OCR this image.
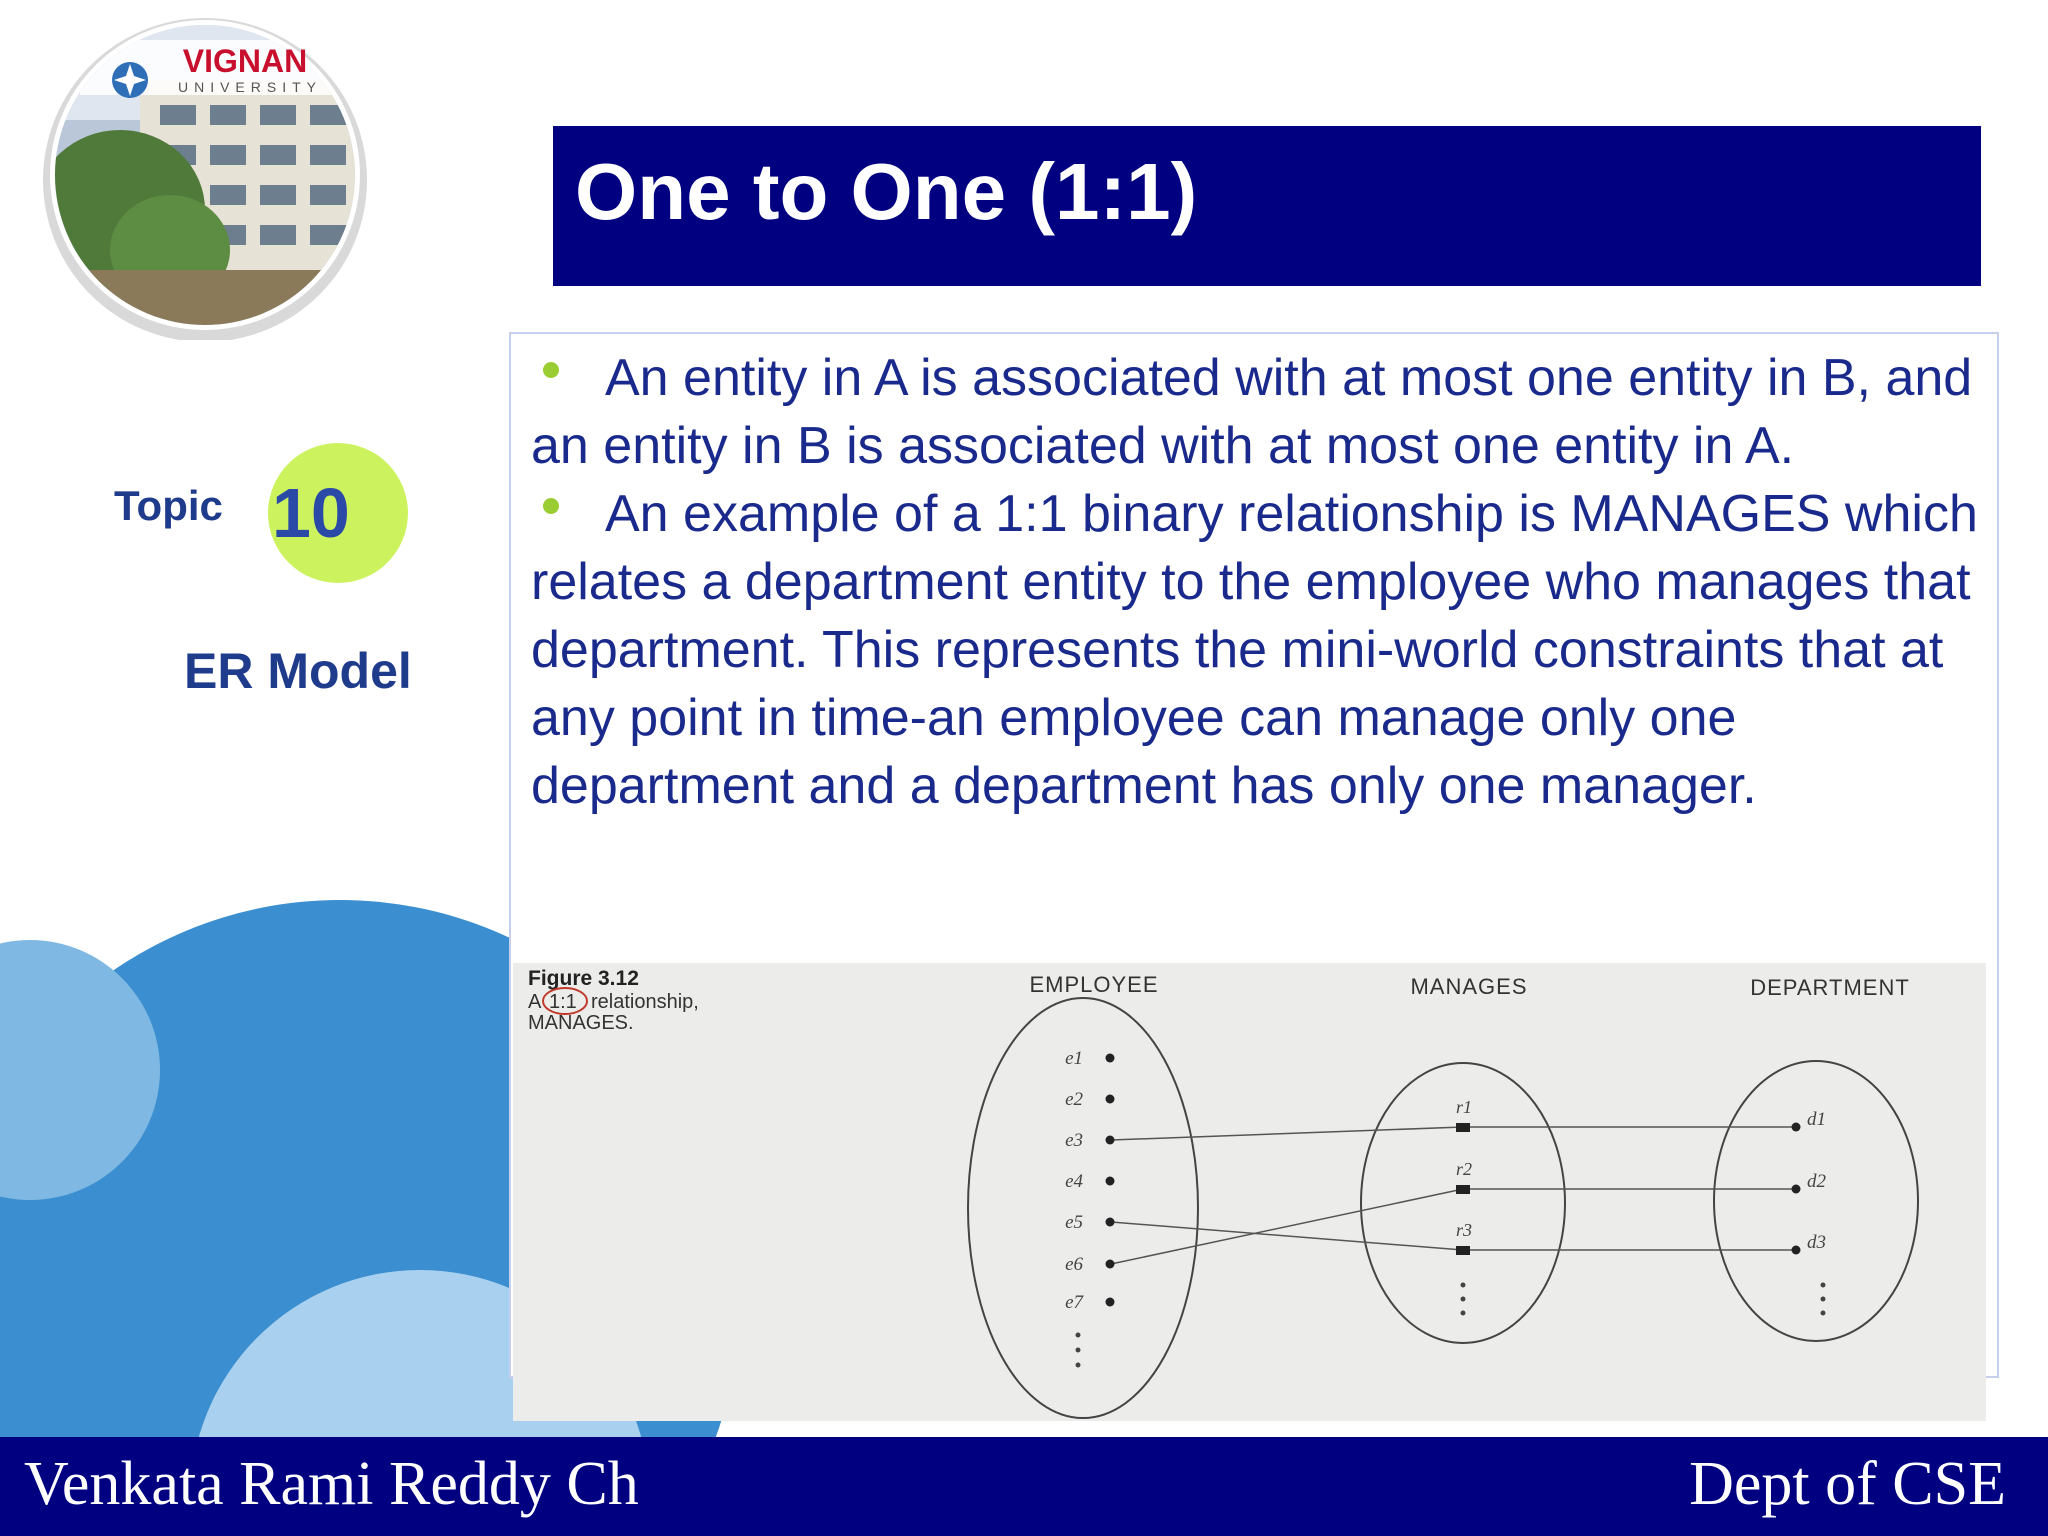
VIGNAN
UNIVERSITY
One to One (1:1)
Topic 10
ER Model

An entity in A is associated with at most one entity in B, and an entity in B is associated with at most one entity in A.

An example of a 1:1 binary relationship is MANAGES which relates a department entity to the employee who manages that department. This represents the mini-world constraints that at any point in time-an employee can manage only one department and a department has only one manager.

Figure 3.12
A 1:1 relationship,
MANAGES.
EMPLOYEE	MANAGES	DEPARTMENT
e1
e2
e3
e4
e5
e6
e7
r1
r2
r3
d1
d2
d3
Venkata Rami Reddy Ch	Dept of CSE
